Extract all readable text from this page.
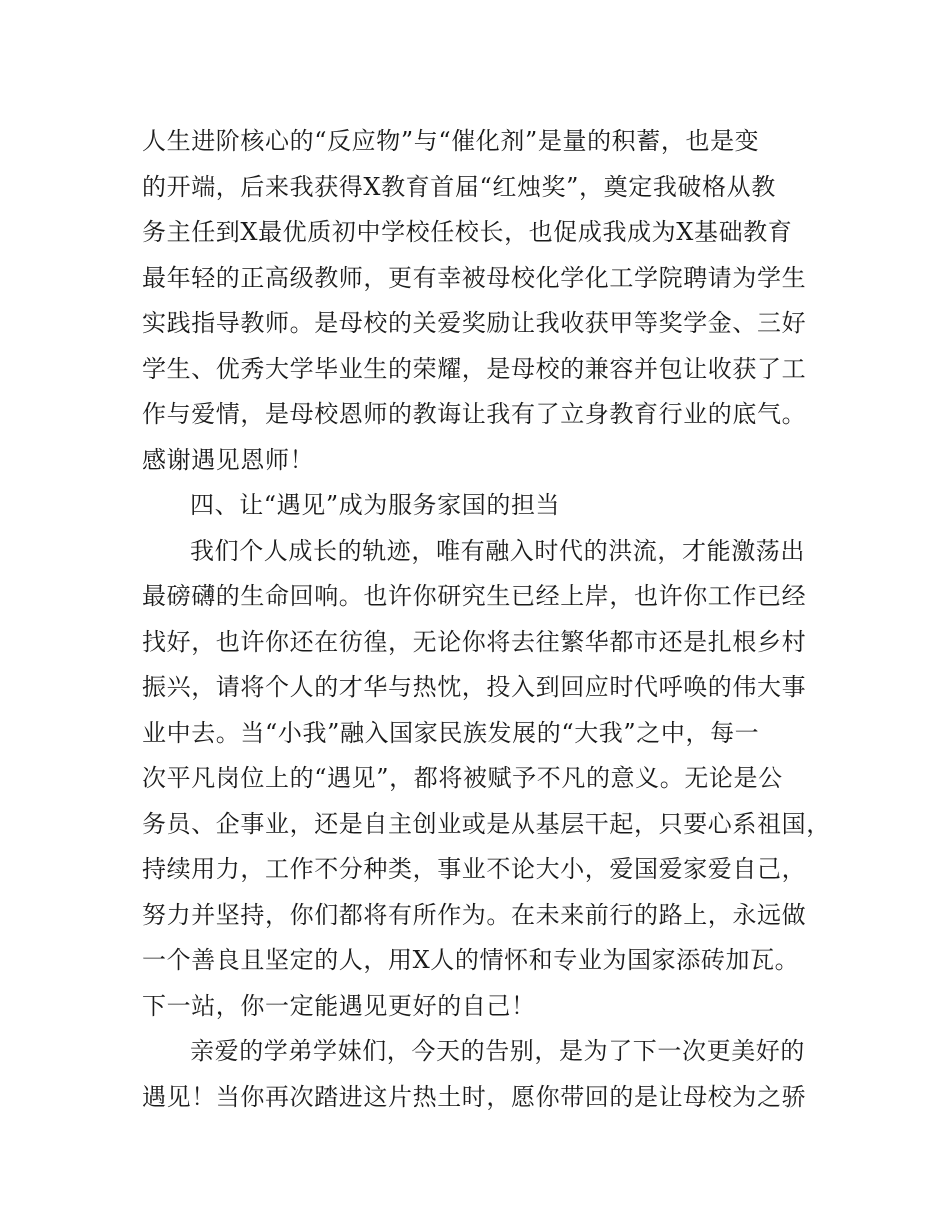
人生进阶核心的“反应物”与“催化剂”是量的积蓄，也是变
的开端，后来我获得X教育首届“红烛奖”，奠定我破格从教
务主任到X最优质初中学校任校长，也促成我成为X基础教育
最年轻的正高级教师，更有幸被母校化学化工学院聘请为学生
实践指导教师。是母校的关爱奖励让我收获甲等奖学金、三好
学生、优秀大学毕业生的荣耀，是母校的兼容并包让收获了工
作与爱情，是母校恩师的教诲让我有了立身教育行业的底气。
感谢遇见恩师！
四、让“遇见”成为服务家国的担当
我们个人成长的轨迹，唯有融入时代的洪流，才能激荡出
最磅礴的生命回响。也许你研究生已经上岸，也许你工作已经
找好，也许你还在彷徨，无论你将去往繁华都市还是扎根乡村
振兴，请将个人的才华与热忱，投入到回应时代呼唤的伟大事
业中去。当“小我”融入国家民族发展的“大我”之中，每一
次平凡岗位上的“遇见”，都将被赋予不凡的意义。无论是公
务员、企事业，还是自主创业或是从基层干起，只要心系祖国，
持续用力，工作不分种类，事业不论大小，爱国爱家爱自己，
努力并坚持，你们都将有所作为。在未来前行的路上，永远做
一个善良且坚定的人，用X人的情怀和专业为国家添砖加瓦。
下一站，你一定能遇见更好的自己！
亲爱的学弟学妹们，今天的告别，是为了下一次更美好的
遇见！当你再次踏进这片热土时，愿你带回的是让母校为之骄
